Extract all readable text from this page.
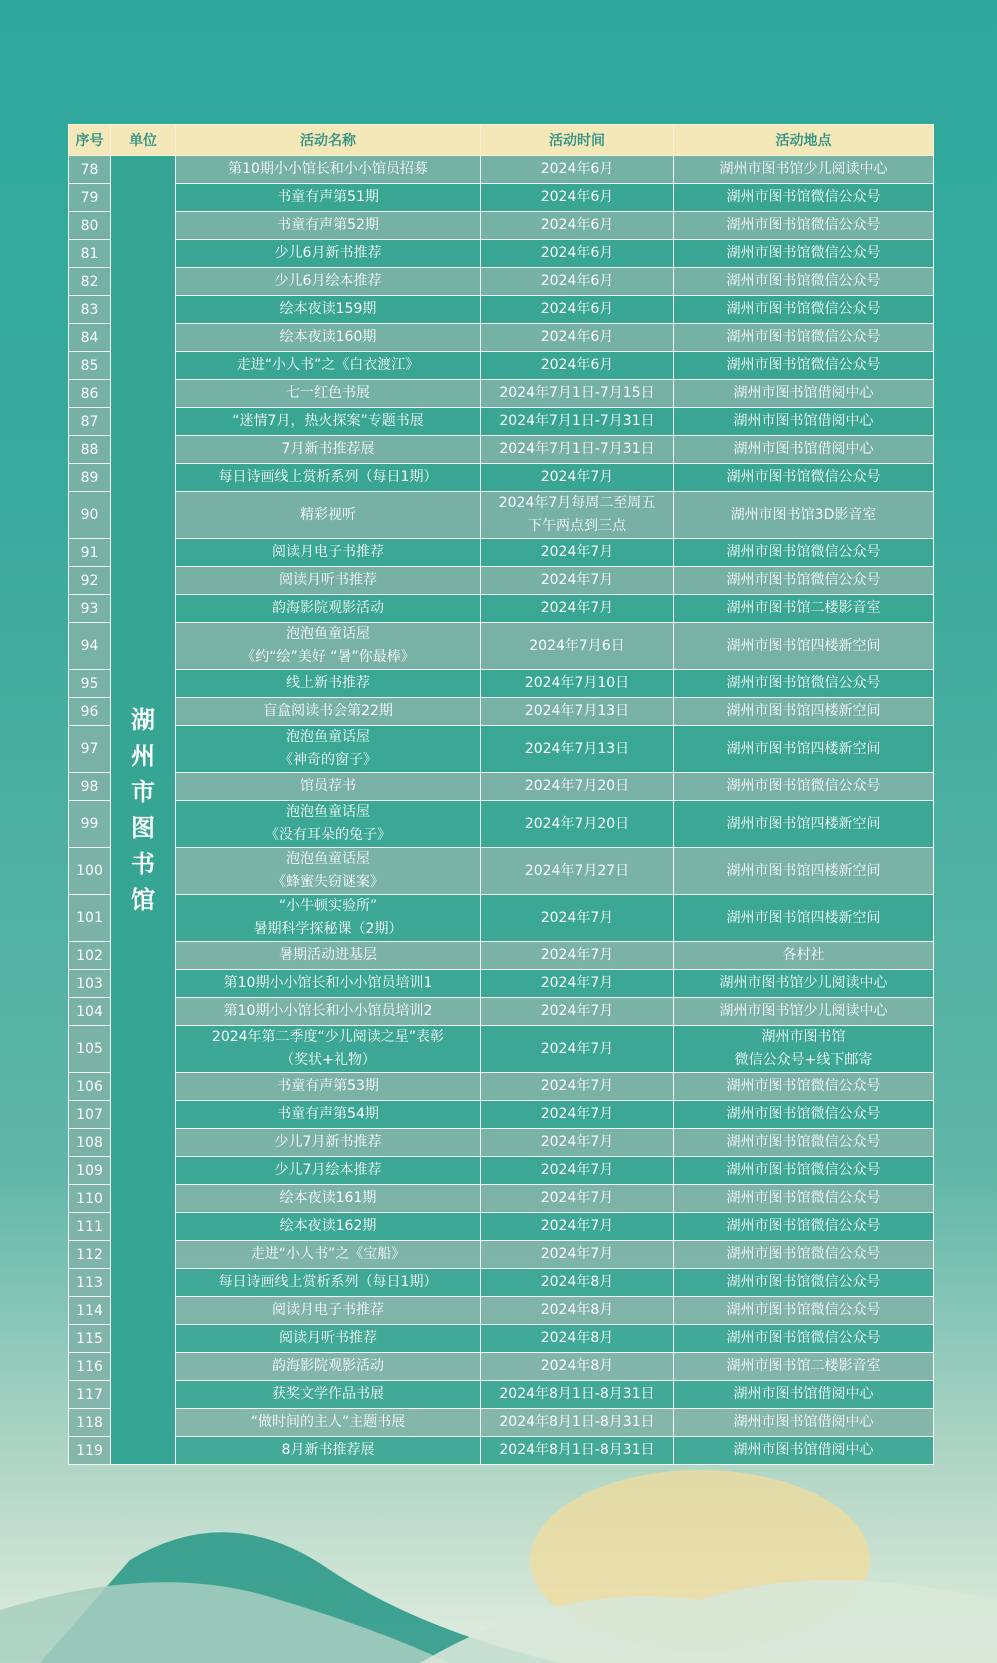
序号	单位	活动名称	活动时间	活动地点
78	湖州市图书馆	第10期小小馆长和小小馆员招募	2024年6月	湖州市图书馆少儿阅读中心
79		书童有声第51期	2024年6月	湖州市图书馆微信公众号
80		书童有声第52期	2024年6月	湖州市图书馆微信公众号
81		少儿6月新书推荐	2024年6月	湖州市图书馆微信公众号
82		少儿6月绘本推荐	2024年6月	湖州市图书馆微信公众号
83		绘本夜读159期	2024年6月	湖州市图书馆微信公众号
84		绘本夜读160期	2024年6月	湖州市图书馆微信公众号
85		走进“小人书”之《白衣渡江》	2024年6月	湖州市图书馆微信公众号
86		七一红色书展	2024年7月1日-7月15日	湖州市图书馆借阅中心
87		“迷情7月，热火探案”专题书展	2024年7月1日-7月31日	湖州市图书馆借阅中心
88		7月新书推荐展	2024年7月1日-7月31日	湖州市图书馆借阅中心
89		每日诗画线上赏析系列（每日1期）	2024年7月	湖州市图书馆微信公众号
90		精彩视听	2024年7月每周二至周五
下午两点到三点	湖州市图书馆3D影音室
91		阅读月电子书推荐	2024年7月	湖州市图书馆微信公众号
92		阅读月听书推荐	2024年7月	湖州市图书馆微信公众号
93		韵海影院观影活动	2024年7月	湖州市图书馆二楼影音室
94		泡泡鱼童话屋
《约“绘”美好 “暑”你最棒》	2024年7月6日	湖州市图书馆四楼新空间
95		线上新书推荐	2024年7月10日	湖州市图书馆微信公众号
96		盲盒阅读书会第22期	2024年7月13日	湖州市图书馆四楼新空间
97		泡泡鱼童话屋
《神奇的窗子》	2024年7月13日	湖州市图书馆四楼新空间
98		馆员荐书	2024年7月20日	湖州市图书馆微信公众号
99		泡泡鱼童话屋
《没有耳朵的兔子》	2024年7月20日	湖州市图书馆四楼新空间
100		泡泡鱼童话屋
《蜂蜜失窃谜案》	2024年7月27日	湖州市图书馆四楼新空间
101		“小牛顿实验所”
暑期科学探秘课（2期）	2024年7月	湖州市图书馆四楼新空间
102		暑期活动进基层	2024年7月	各村社
103		第10期小小馆长和小小馆员培训1	2024年7月	湖州市图书馆少儿阅读中心
104		第10期小小馆长和小小馆员培训2	2024年7月	湖州市图书馆少儿阅读中心
105		2024年第二季度“少儿阅读之星”表彰
（奖状+礼物）	2024年7月	湖州市图书馆
微信公众号+线下邮寄
106		书童有声第53期	2024年7月	湖州市图书馆微信公众号
107		书童有声第54期	2024年7月	湖州市图书馆微信公众号
108		少儿7月新书推荐	2024年7月	湖州市图书馆微信公众号
109		少儿7月绘本推荐	2024年7月	湖州市图书馆微信公众号
110		绘本夜读161期	2024年7月	湖州市图书馆微信公众号
111		绘本夜读162期	2024年7月	湖州市图书馆微信公众号
112		走进“小人书”之《宝船》	2024年7月	湖州市图书馆微信公众号
113		每日诗画线上赏析系列（每日1期）	2024年8月	湖州市图书馆微信公众号
114		阅读月电子书推荐	2024年8月	湖州市图书馆微信公众号
115		阅读月听书推荐	2024年8月	湖州市图书馆微信公众号
116		韵海影院观影活动	2024年8月	湖州市图书馆二楼影音室
117		获奖文学作品书展	2024年8月1日-8月31日	湖州市图书馆借阅中心
118		“做时间的主人”主题书展	2024年8月1日-8月31日	湖州市图书馆借阅中心
119		8月新书推荐展	2024年8月1日-8月31日	湖州市图书馆借阅中心
